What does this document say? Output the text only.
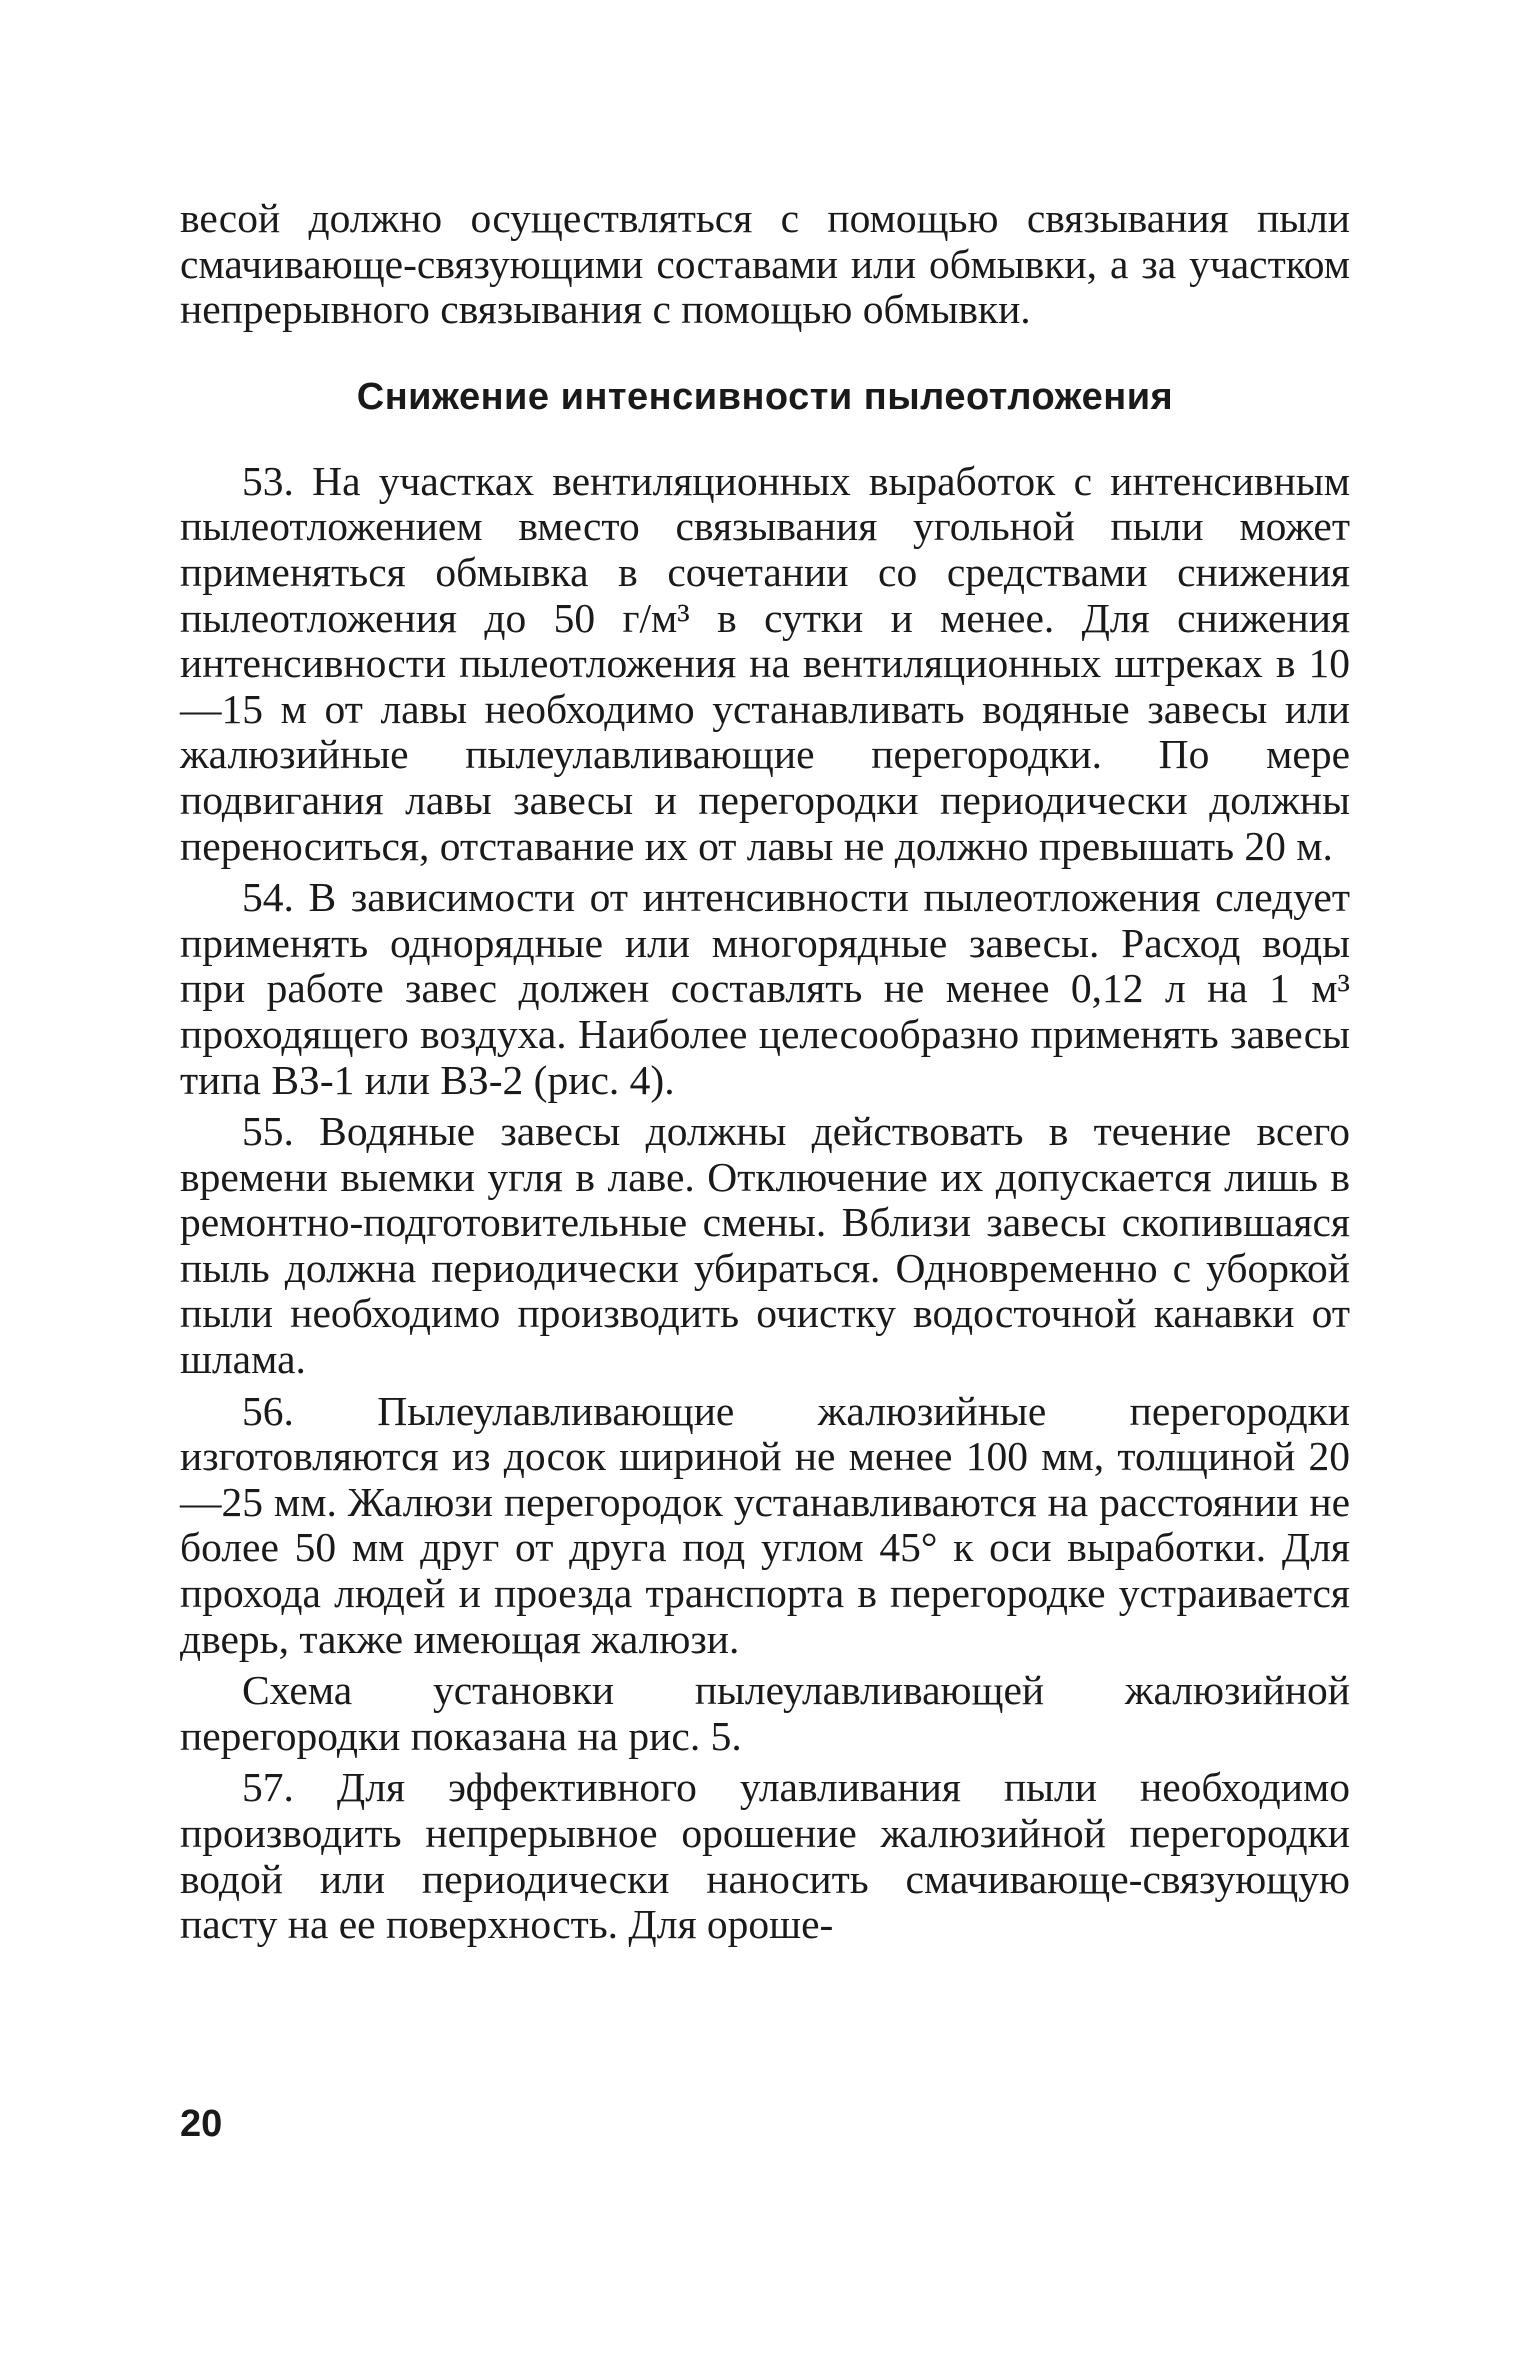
весой должно осуществляться с помощью связывания пыли смачивающе-связующими составами или обмывки, а за участком непрерывного связывания с помощью обмывки.

Снижение интенсивности пылеотложения

53. На участках вентиляционных выработок с интенсивным пылеотложением вместо связывания угольной пыли может применяться обмывка в сочетании со средствами снижения пылеотложения до 50 г/м³ в сутки и менее. Для снижения интенсивности пылеотложения на вентиляционных штреках в 10—15 м от лавы необходимо устанавливать водяные завесы или жалюзийные пылеулавливающие перегородки. По мере подвигания лавы завесы и перегородки периодически должны переноситься, отставание их от лавы не должно превышать 20 м.

54. В зависимости от интенсивности пылеотложения следует применять однорядные или многорядные завесы. Расход воды при работе завес должен составлять не менее 0,12 л на 1 м³ проходящего воздуха. Наиболее целесообразно применять завесы типа ВЗ-1 или ВЗ-2 (рис. 4).

55. Водяные завесы должны действовать в течение всего времени выемки угля в лаве. Отключение их допускается лишь в ремонтно-подготовительные смены. Вблизи завесы скопившаяся пыль должна периодически убираться. Одновременно с уборкой пыли необходимо производить очистку водосточной канавки от шлама.

56. Пылеулавливающие жалюзийные перегородки изготовляются из досок шириной не менее 100 мм, толщиной 20—25 мм. Жалюзи перегородок устанавливаются на расстоянии не более 50 мм друг от друга под углом 45° к оси выработки. Для прохода людей и проезда транспорта в перегородке устраивается дверь, также имеющая жалюзи.

Схема установки пылеулавливающей жалюзийной перегородки показана на рис. 5.

57. Для эффективного улавливания пыли необходимо производить непрерывное орошение жалюзийной перегородки водой или периодически наносить смачивающе-связующую пасту на ее поверхность. Для ороше-

20
